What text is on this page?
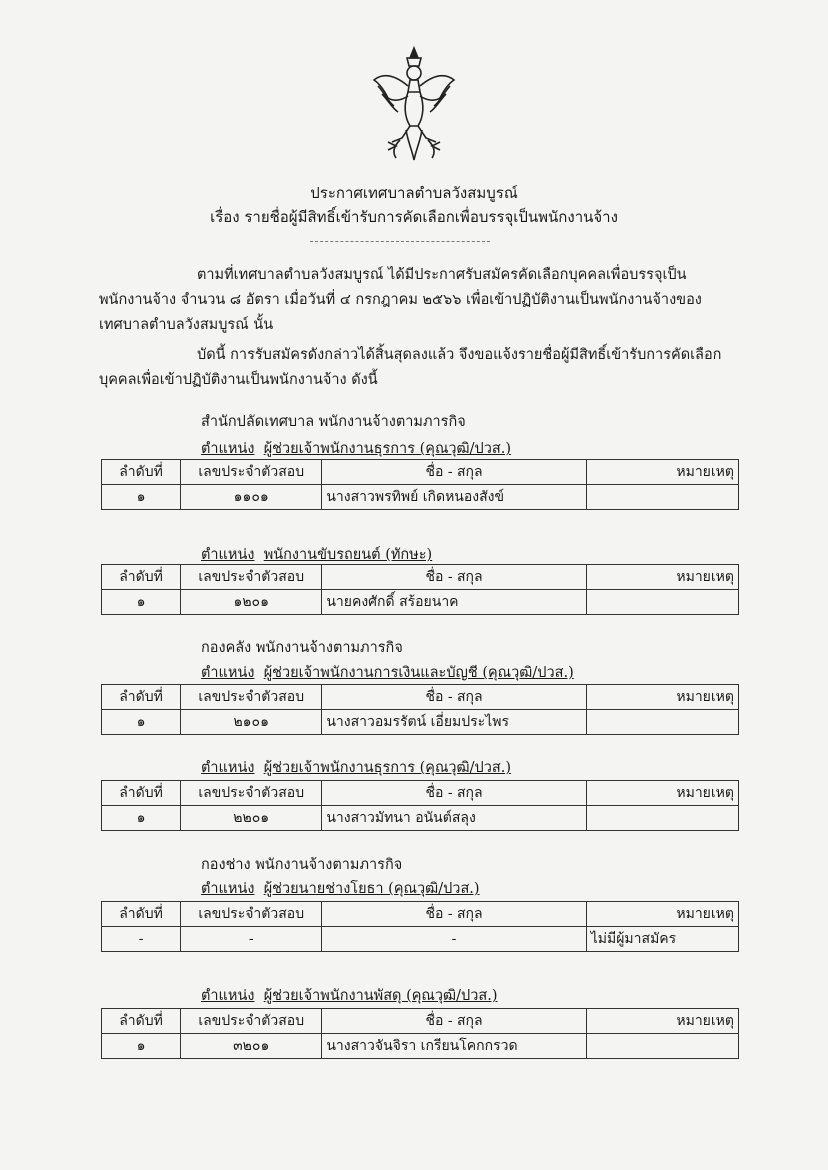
ประกาศเทศบาลตำบลวังสมบูรณ์
เรื่อง รายชื่อผู้มีสิทธิ์เข้ารับการคัดเลือกเพื่อบรรจุเป็นพนักงานจ้าง

ตามที่เทศบาลตำบลวังสมบูรณ์ ได้มีประกาศรับสมัครคัดเลือกบุคคลเพื่อบรรจุเป็นพนักงานจ้าง จำนวน ๘ อัตรา เมื่อวันที่ ๔ กรกฎาคม ๒๕๖๖ เพื่อเข้าปฏิบัติงานเป็นพนักงานจ้างของเทศบาลตำบลวังสมบูรณ์ นั้น

บัดนี้ การรับสมัครดังกล่าวได้สิ้นสุดลงแล้ว จึงขอแจ้งรายชื่อผู้มีสิทธิ์เข้ารับการคัดเลือกบุคคลเพื่อเข้าปฏิบัติงานเป็นพนักงานจ้าง ดังนี้

สำนักปลัดเทศบาล พนักงานจ้างตามภารกิจ
ตำแหน่ง ผู้ช่วยเจ้าพนักงานธุรการ (คุณวุฒิ/ปวส.)
ลำดับที่	เลขประจำตัวสอบ	ชื่อ - สกุล	หมายเหตุ
๑	๑๑๐๑	นางสาวพรทิพย์ เกิดหนองสังข์	
ตำแหน่ง พนักงานขับรถยนต์ (ทักษะ)
ลำดับที่	เลขประจำตัวสอบ	ชื่อ - สกุล	หมายเหตุ
๑	๑๒๐๑	นายคงศักดิ์ สร้อยนาค	
กองคลัง พนักงานจ้างตามภารกิจ
ตำแหน่ง ผู้ช่วยเจ้าพนักงานการเงินและบัญชี (คุณวุฒิ/ปวส.)
ลำดับที่	เลขประจำตัวสอบ	ชื่อ - สกุล	หมายเหตุ
๑	๒๑๐๑	นางสาวอมรรัตน์ เอี่ยมประไพร	
ตำแหน่ง ผู้ช่วยเจ้าพนักงานธุรการ (คุณวุฒิ/ปวส.)
ลำดับที่	เลขประจำตัวสอบ	ชื่อ - สกุล	หมายเหตุ
๑	๒๒๐๑	นางสาวมัทนา อนันต์สลุง	
กองช่าง พนักงานจ้างตามภารกิจ
ตำแหน่ง ผู้ช่วยนายช่างโยธา (คุณวุฒิ/ปวส.)
ลำดับที่	เลขประจำตัวสอบ	ชื่อ - สกุล	หมายเหตุ
-	-	-	ไม่มีผู้มาสมัคร
ตำแหน่ง ผู้ช่วยเจ้าพนักงานพัสดุ (คุณวุฒิ/ปวส.)
ลำดับที่	เลขประจำตัวสอบ	ชื่อ - สกุล	หมายเหตุ
๑	๓๒๐๑	นางสาวจันจิรา เกรียนโคกกรวด	
